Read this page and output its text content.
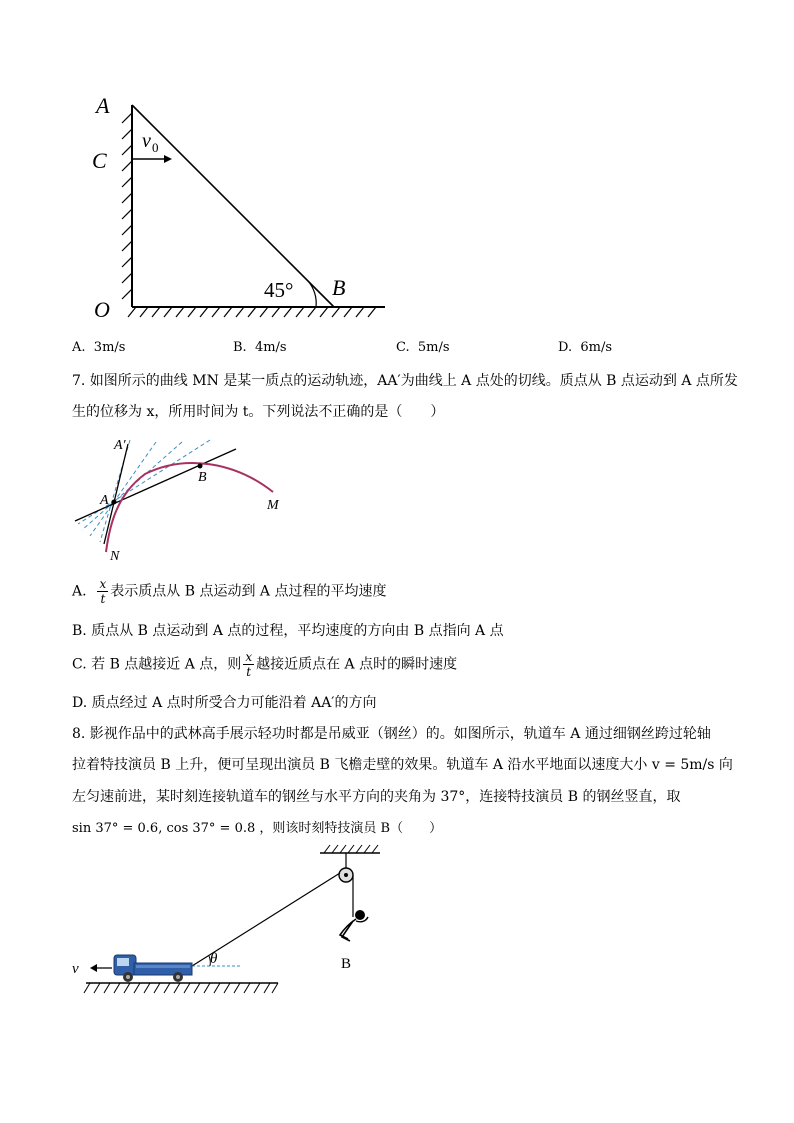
A
C
O
B
45°
v 0
A. 3m/s	B. 4m/s	C. 5m/s	D. 6m/s
7. 如图所示的曲线 MN 是某一质点的运动轨迹，AA′为曲线上 A 点处的切线。质点从 B 点运动到 A 点所发
生的位移为 x，所用时间为 t。下列说法不正确的是（　　）
A′
A
B
M
N
A. $\frac{x}{t}$ 表示质点从 B 点运动到 A 点过程的平均速度
B. 质点从 B 点运动到 A 点的过程，平均速度的方向由 B 点指向 A 点
C. 若 B 点越接近 A 点，则 $\frac{x}{t}$ 越接近质点在 A 点时的瞬时速度
D. 质点经过 A 点时所受合力可能沿着 AA′的方向
8. 影视作品中的武林高手展示轻功时都是吊威亚（钢丝）的。如图所示，轨道车 A 通过细钢丝跨过轮轴
拉着特技演员 B 上升，便可呈现出演员 B 飞檐走壁的效果。轨道车 A 沿水平地面以速度大小 v = 5m/s 向
左匀速前进，某时刻连接轨道车的钢丝与水平方向的夹角为 37°，连接特技演员 B 的钢丝竖直，取
sin 37° = 0.6, cos 37° = 0.8 ，则该时刻特技演员 B（　　）
B
θ
v
